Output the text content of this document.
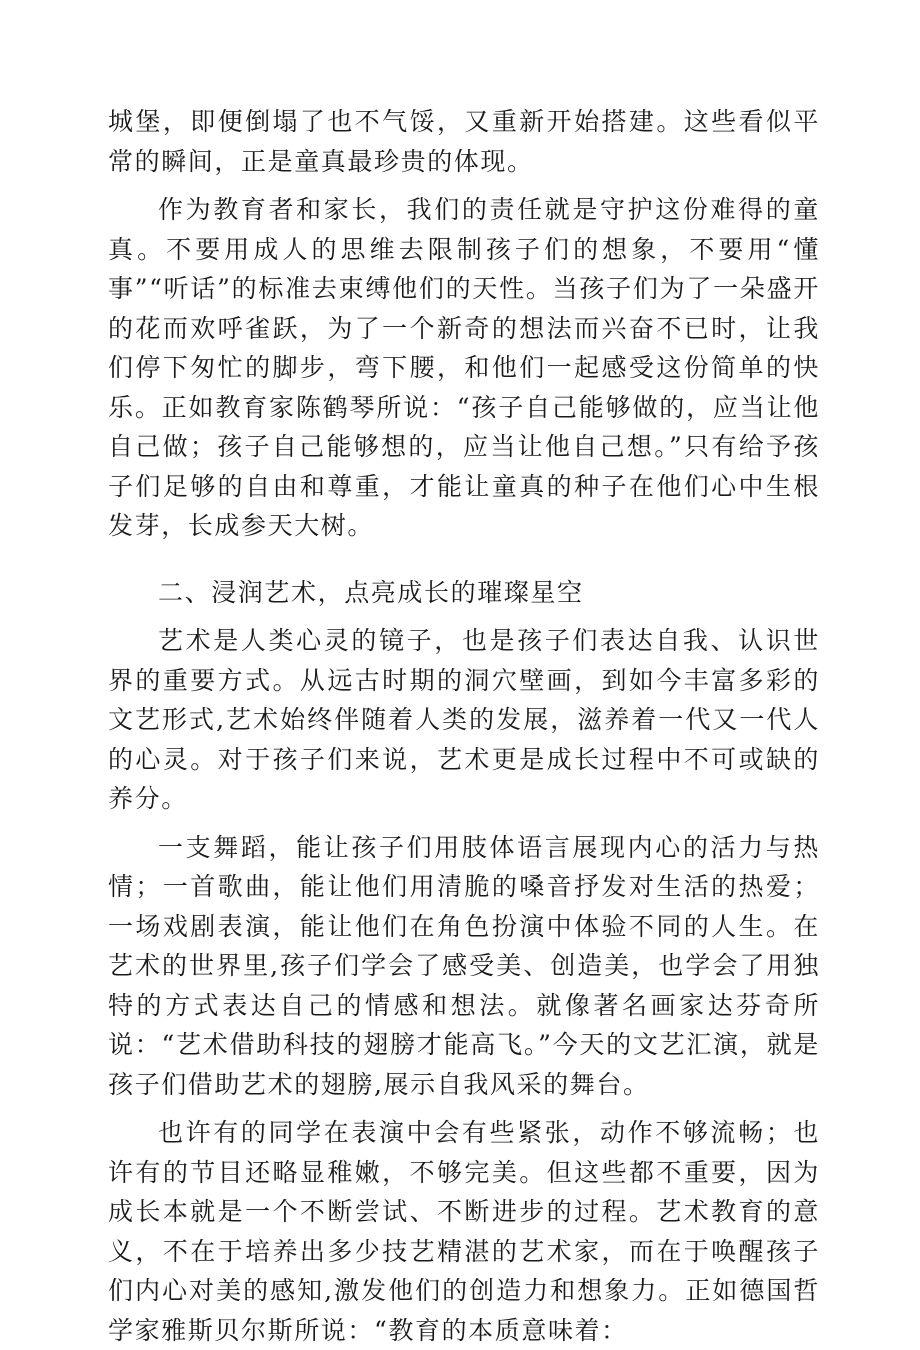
城堡，即便倒塌了也不气馁，又重新开始搭建。这些看似平常的瞬间，正是童真最珍贵的体现。

作为教育者和家长，我们的责任就是守护这份难得的童真。不要用成人的思维去限制孩子们的想象，不要用“懂事”“听话”的标准去束缚他们的天性。当孩子们为了一朵盛开的花而欢呼雀跃，为了一个新奇的想法而兴奋不已时，让我们停下匆忙的脚步，弯下腰，和他们一起感受这份简单的快乐。正如教育家陈鹤琴所说：“孩子自己能够做的，应当让他自己做；孩子自己能够想的，应当让他自己想。”只有给予孩子们足够的自由和尊重，才能让童真的种子在他们心中生根发芽，长成参天大树。

二、浸润艺术，点亮成长的璀璨星空

艺术是人类心灵的镜子，也是孩子们表达自我、认识世界的重要方式。从远古时期的洞穴壁画，到如今丰富多彩的文艺形式,艺术始终伴随着人类的发展，滋养着一代又一代人的心灵。对于孩子们来说，艺术更是成长过程中不可或缺的养分。

一支舞蹈，能让孩子们用肢体语言展现内心的活力与热情；一首歌曲，能让他们用清脆的嗓音抒发对生活的热爱；一场戏剧表演，能让他们在角色扮演中体验不同的人生。在艺术的世界里,孩子们学会了感受美、创造美，也学会了用独特的方式表达自己的情感和想法。就像著名画家达芬奇所说：“艺术借助科技的翅膀才能高飞。”今天的文艺汇演，就是孩子们借助艺术的翅膀,展示自我风采的舞台。

也许有的同学在表演中会有些紧张，动作不够流畅；也许有的节目还略显稚嫩，不够完美。但这些都不重要，因为成长本就是一个不断尝试、不断进步的过程。艺术教育的意义，不在于培养出多少技艺精湛的艺术家，而在于唤醒孩子们内心对美的感知,激发他们的创造力和想象力。正如德国哲学家雅斯贝尔斯所说：“教育的本质意味着：
